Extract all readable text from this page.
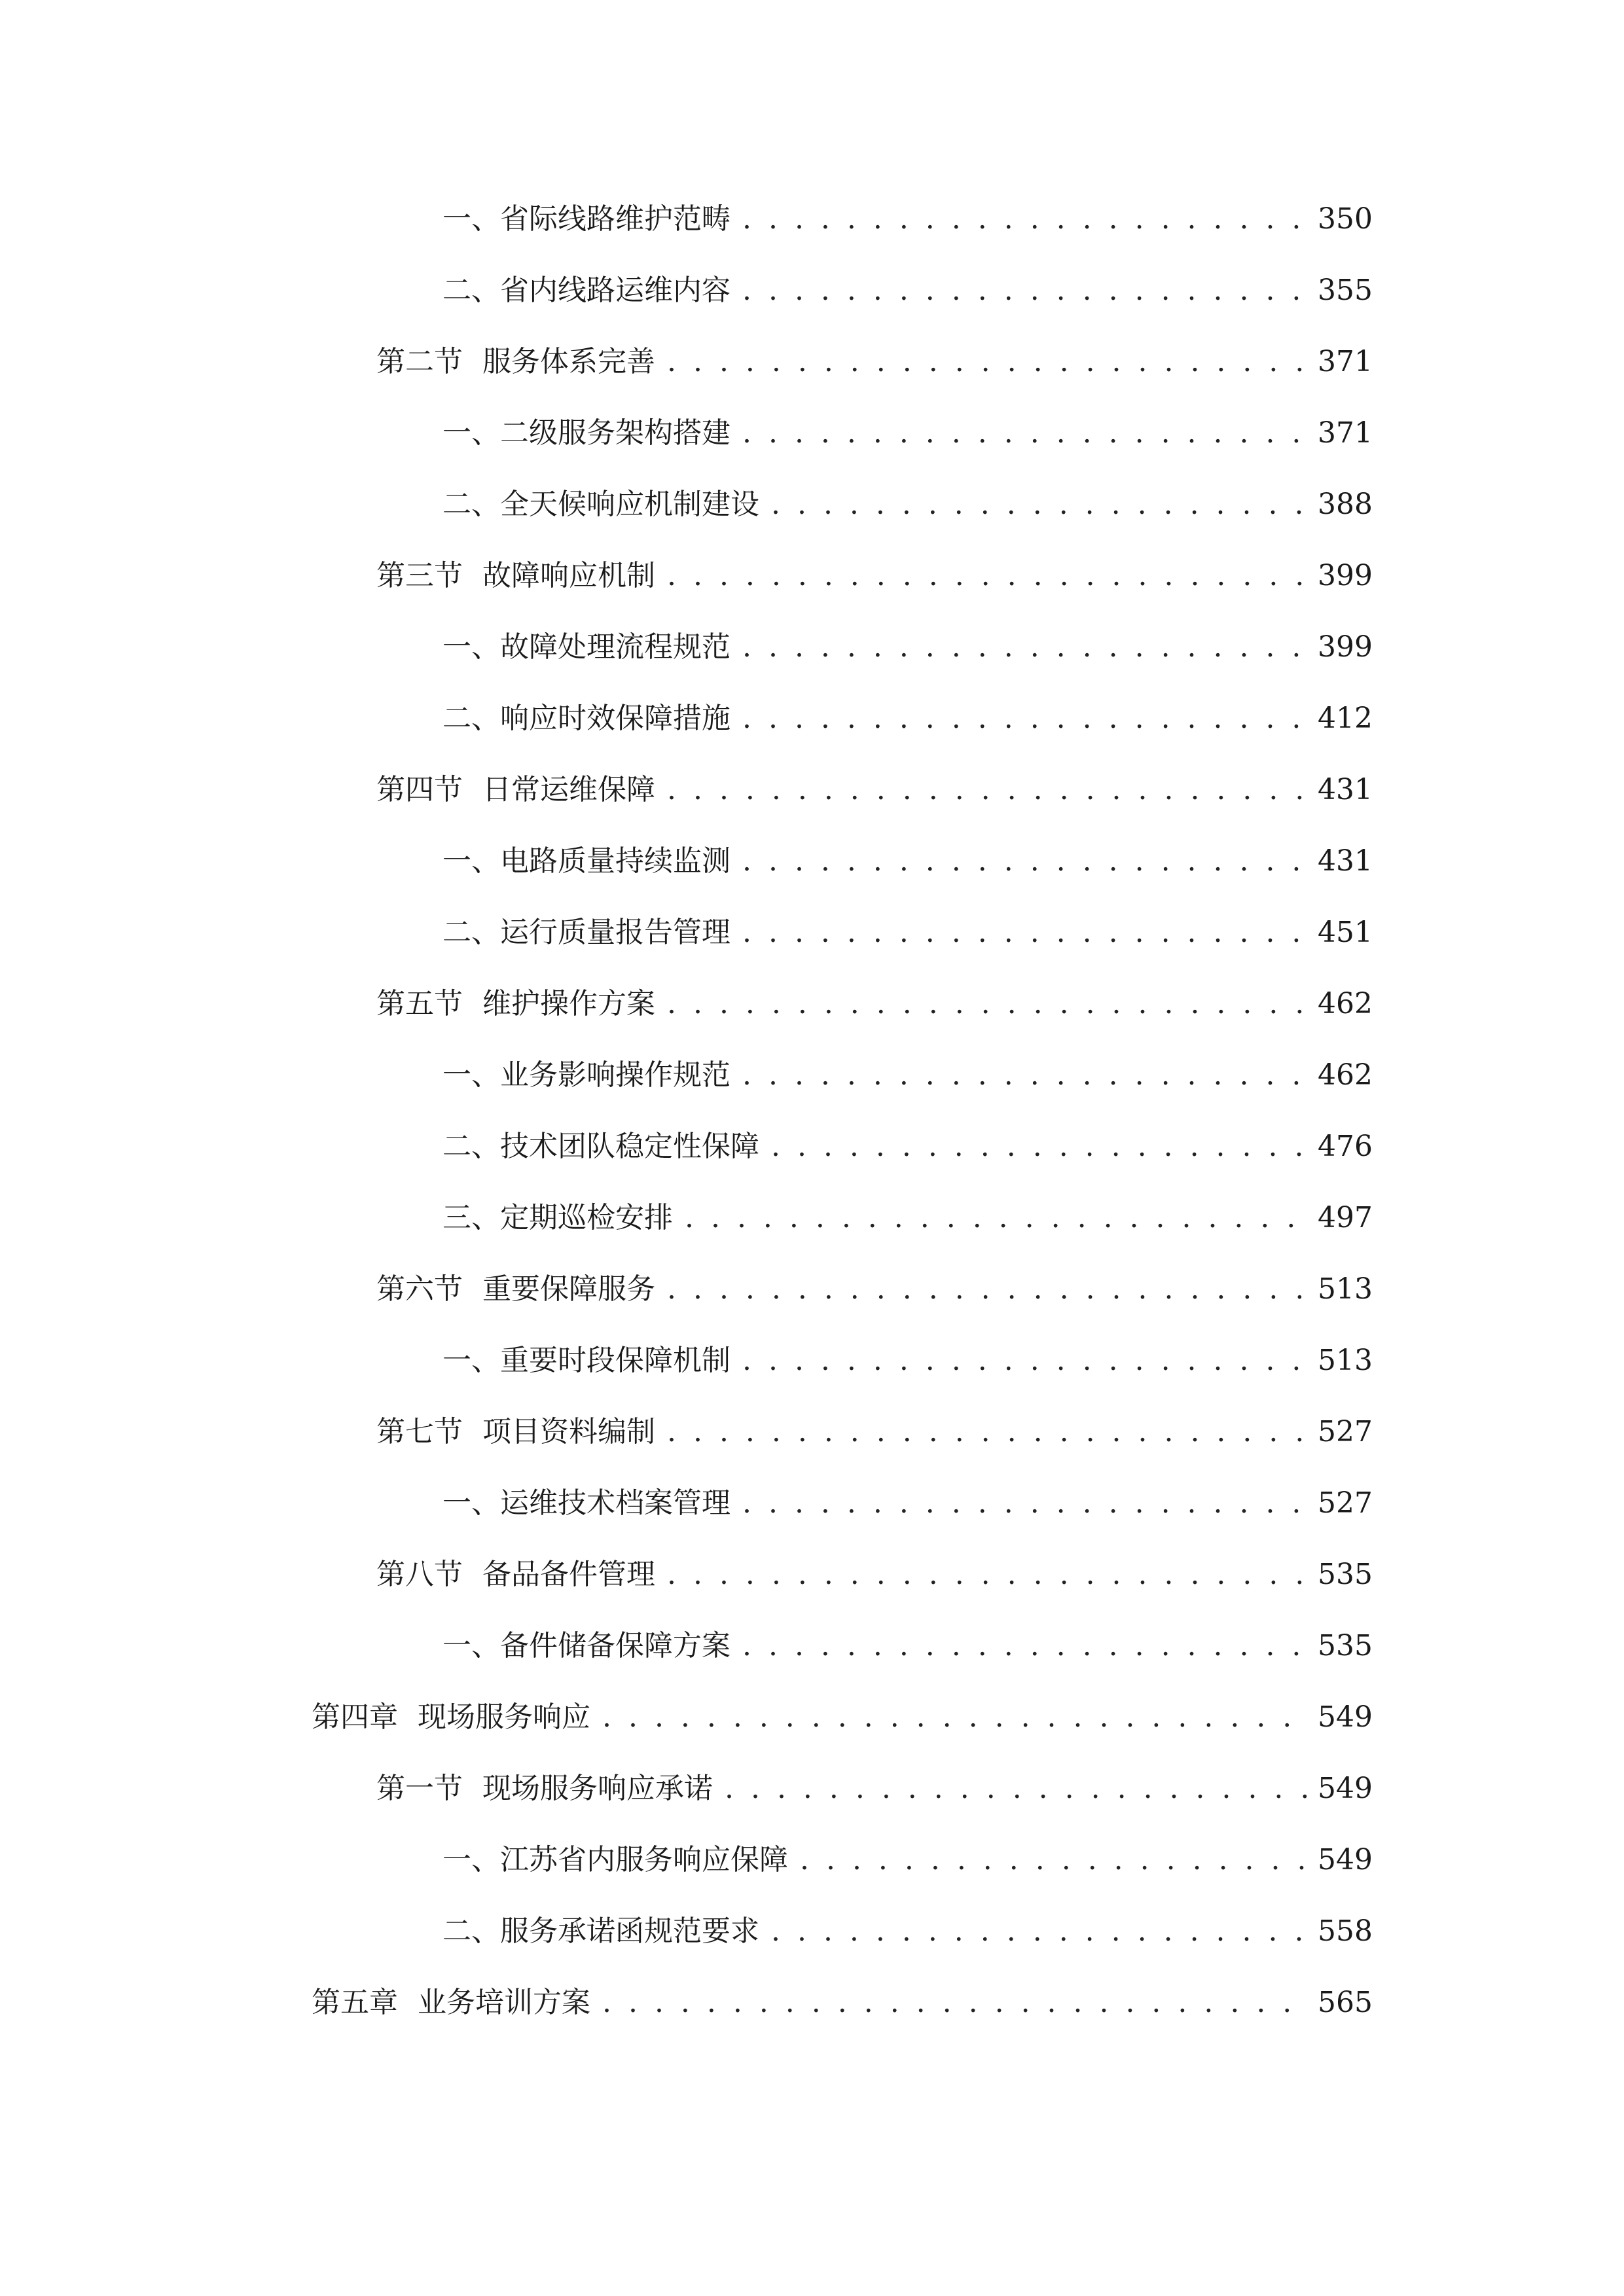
一、 省际线路维护范畴 . . .	350
二、 省内线路运维内容 . . .	355
第二节 服务体系完善 . . .	371
一、 二级服务架构搭建 . . .	371
二、 全天候响应机制建设 . . .	388
第三节 故障响应机制 . . .	399
一、 故障处理流程规范 . . .	399
二、 响应时效保障措施 . . .	412
第四节 日常运维保障 . . .	431
一、 电路质量持续监测 . . .	431
二、 运行质量报告管理 . . .	451
第五节 维护操作方案 . . .	462
一、 业务影响操作规范 . . .	462
二、 技术团队稳定性保障 . . .	476
三、 定期巡检安排 . . .	497
第六节 重要保障服务 . . .	513
一、 重要时段保障机制 . . .	513
第七节 项目资料编制 . . .	527
一、 运维技术档案管理 . . .	527
第八节 备品备件管理 . . .	535
一、 备件储备保障方案 . . .	535
第四章 现场服务响应 . . .	549
第一节 现场服务响应承诺 . . .	549
一、 江苏省内服务响应保障 . . .	549
二、 服务承诺函规范要求 . . .	558
第五章 业务培训方案 . . .	565
